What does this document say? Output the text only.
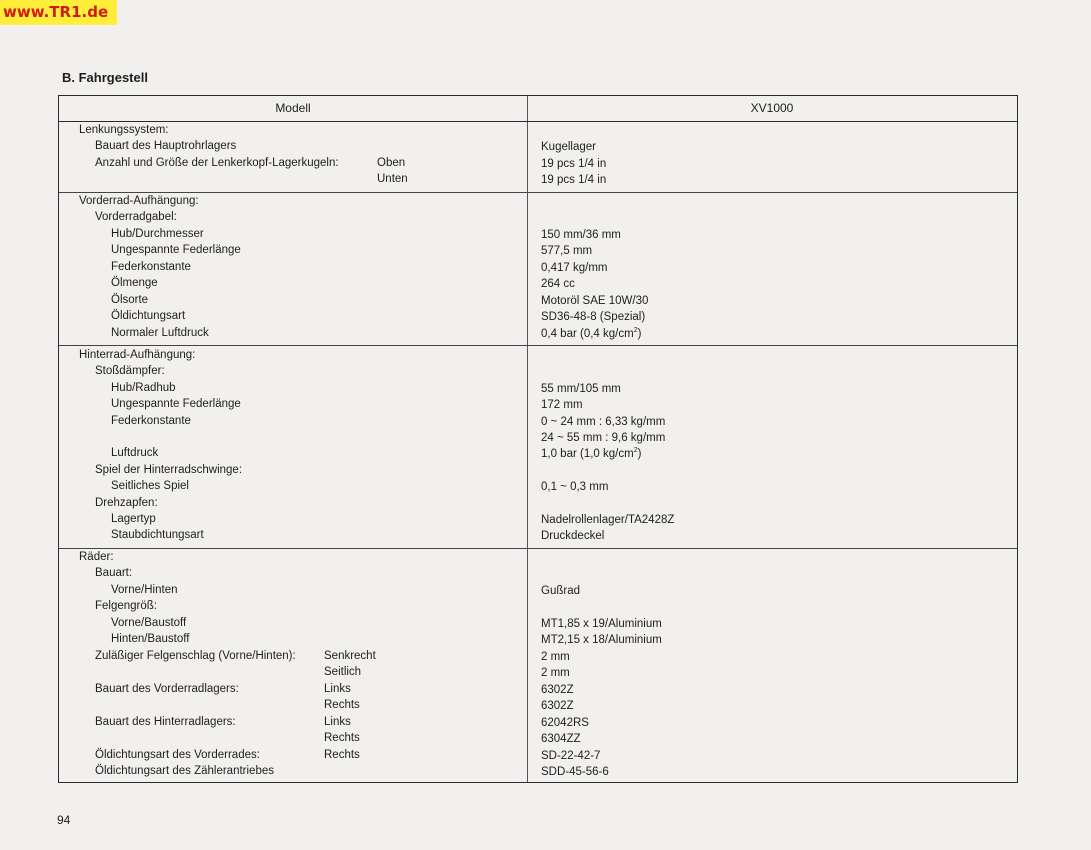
www.TR1.de
B. Fahrgestell
Modell	XV1000
Lenkungssystem:
Bauart des Hauptrohrlagers	Kugellager
Anzahl und Größe der Lenkerkopf-Lagerkugeln:	Oben	19 pcs 1/4 in
Unten	19 pcs 1/4 in
Vorderrad-Aufhängung:
Vorderradgabel:
Hub/Durchmesser	150 mm/36 mm
Ungespannte Federlänge	577,5 mm
Federkonstante	0,417 kg/mm
Ölmenge	264 cc
Ölsorte	Motoröl SAE 10W/30
Öldichtungsart	SD36-48-8 (Spezial)
Normaler Luftdruck	0,4 bar (0,4 $kg/cm^2$)
Hinterrad-Aufhängung:
Stoßdämpfer:
Hub/Radhub	55 mm/105 mm
Ungespannte Federlänge	172 mm
Federkonstante	0 ~ 24 mm : 6,33 kg/mm
24 ~ 55 mm : 9,6 kg/mm
Luftdruck	1,0 bar (1,0 $kg/cm^2$)
Spiel der Hinterradschwinge:
Seitliches Spiel	0,1 ~ 0,3 mm
Drehzapfen:
Lagertyp	Nadelrollenlager/TA2428Z
Staubdichtungsart	Druckdeckel
Räder:
Bauart:
Vorne/Hinten	Gußrad
Felgengröß:
Vorne/Baustoff	MT1,85 x 19/Aluminium
Hinten/Baustoff	MT2,15 x 18/Aluminium
Zuläßiger Felgenschlag (Vorne/Hinten): Senkrecht	2 mm
Seitlich	2 mm
Bauart des Vorderradlagers:	Links	6302Z
Rechts	6302Z
Bauart des Hinterradlagers:	Links	62042RS
Rechts	6304ZZ
Öldichtungsart des Vorderrades:	Rechts	SD-22-42-7
Öldichtungsart des Zählerantriebes	SDD-45-56-6
94
